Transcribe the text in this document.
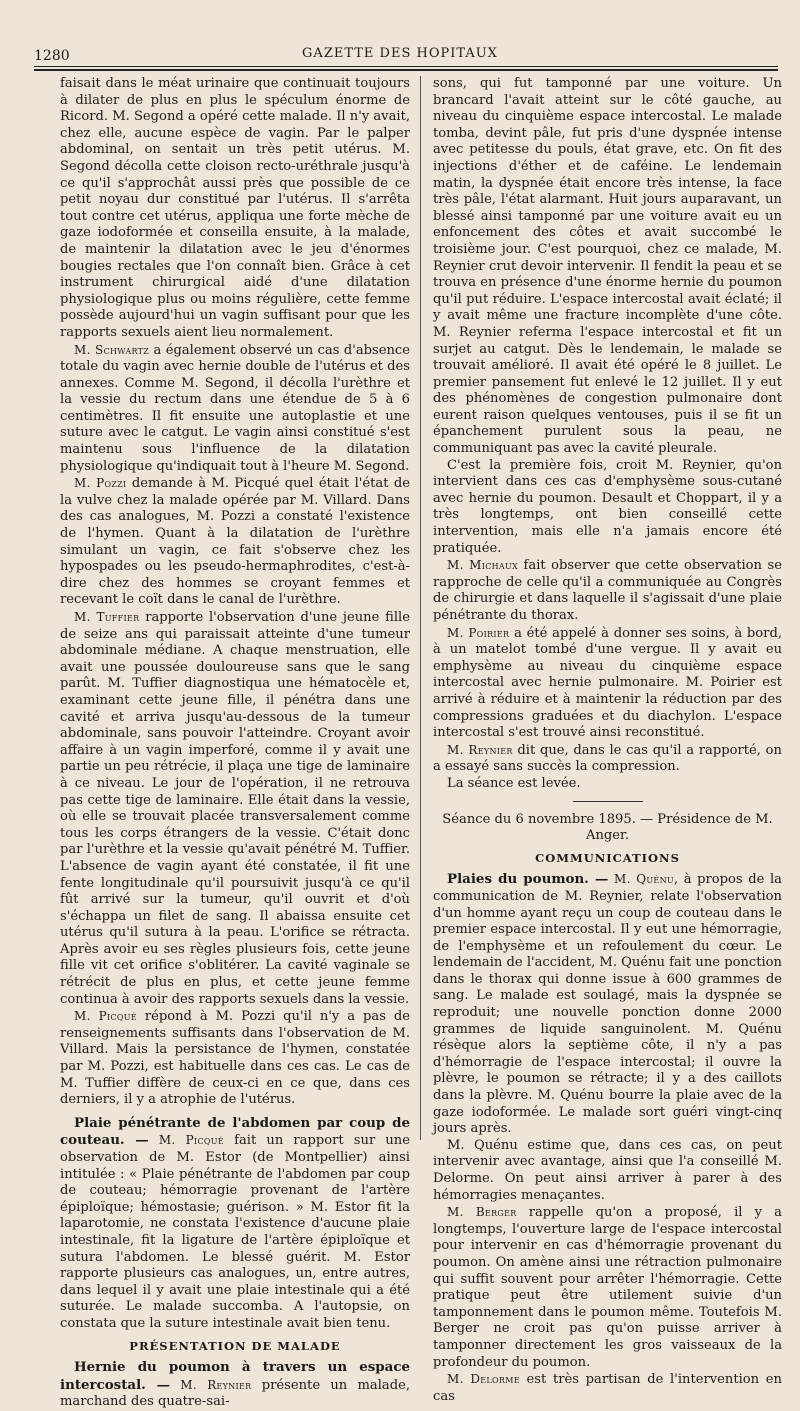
1280	GAZETTE DES HOPITAUX

faisait dans le méat urinaire que continuait toujours à dilater de plus en plus le spéculum énorme de Ricord. M. Segond a opéré cette malade. Il n'y avait, chez elle, aucune espèce de vagin. Par le palper abdominal, on sentait un très petit utérus. M. Segond décolla cette cloison recto-uréthrale jusqu'à ce qu'il s'approchât aussi près que possible de ce petit noyau dur constitué par l'utérus. Il s'arrêta tout contre cet utérus, appliqua une forte mèche de gaze iodoformée et conseilla ensuite, à la malade, de maintenir la dilatation avec le jeu d'énormes bougies rectales que l'on connaît bien. Grâce à cet instrument chirurgical aidé d'une dilatation physiologique plus ou moins régulière, cette femme possède aujourd'hui un vagin suffisant pour que les rapports sexuels aient lieu normalement.

M. Schwartz a également observé un cas d'absence totale du vagin avec hernie double de l'utérus et des annexes. Comme M. Segond, il décolla l'urèthre et la vessie du rectum dans une étendue de 5 à 6 centimètres. Il fit ensuite une autoplastie et une suture avec le catgut. Le vagin ainsi constitué s'est maintenu sous l'influence de la dilatation physiologique qu'indiquait tout à l'heure M. Segond.

M. Pozzi demande à M. Picqué quel était l'état de la vulve chez la malade opérée par M. Villard. Dans des cas analogues, M. Pozzi a constaté l'existence de l'hymen. Quant à la dilatation de l'urèthre simulant un vagin, ce fait s'observe chez les hypospades ou les pseudo-hermaphrodites, c'est-à-dire chez des hommes se croyant femmes et recevant le coït dans le canal de l'urèthre.

M. Tuffier rapporte l'observation d'une jeune fille de seize ans qui paraissait atteinte d'une tumeur abdominale médiane. A chaque menstruation, elle avait une poussée douloureuse sans que le sang parût. M. Tuffier diagnostiqua une hématocèle et, examinant cette jeune fille, il pénétra dans une cavité et arriva jusqu'au-dessous de la tumeur abdominale, sans pouvoir l'atteindre. Croyant avoir affaire à un vagin imperforé, comme il y avait une partie un peu rétrécie, il plaça une tige de laminaire à ce niveau. Le jour de l'opération, il ne retrouva pas cette tige de laminaire. Elle était dans la vessie, où elle se trouvait placée transversalement comme tous les corps étrangers de la vessie. C'était donc par l'urèthre et la vessie qu'avait pénétré M. Tuffier. L'absence de vagin ayant été constatée, il fit une fente longitudinale qu'il poursuivit jusqu'à ce qu'il fût arrivé sur la tumeur, qu'il ouvrit et d'où s'échappa un filet de sang. Il abaissa ensuite cet utérus qu'il sutura à la peau. L'orifice se rétracta. Après avoir eu ses règles plusieurs fois, cette jeune fille vit cet orifice s'oblitérer. La cavité vaginale se rétrécit de plus en plus, et cette jeune femme continua à avoir des rapports sexuels dans la vessie.

M. Picqué répond à M. Pozzi qu'il n'y a pas de renseignements suffisants dans l'observation de M. Villard. Mais la persistance de l'hymen, constatée par M. Pozzi, est habituelle dans ces cas. Le cas de M. Tuffier diffère de ceux-ci en ce que, dans ces derniers, il y a atrophie de l'utérus.

Plaie pénétrante de l'abdomen par coup de couteau. — M. Picqué fait un rapport sur une observation de M. Estor (de Montpellier) ainsi intitulée : « Plaie pénétrante de l'abdomen par coup de couteau; hémorragie provenant de l'artère épiploïque; hémostasie; guérison. » M. Estor fit la laparotomie, ne constata l'existence d'aucune plaie intestinale, fit la ligature de l'artère épiploïque et sutura l'abdomen. Le blessé guérit. M. Estor rapporte plusieurs cas analogues, un, entre autres, dans lequel il y avait une plaie intestinale qui a été suturée. Le malade succomba. A l'autopsie, on constata que la suture intestinale avait bien tenu.

PRÉSENTATION DE MALADE

Hernie du poumon à travers un espace intercostal. — M. Reynier présente un malade, marchand des quatre-sai-

sons, qui fut tamponné par une voiture. Un brancard l'avait atteint sur le côté gauche, au niveau du cinquième espace intercostal. Le malade tomba, devint pâle, fut pris d'une dyspnée intense avec petitesse du pouls, état grave, etc. On fit des injections d'éther et de caféine. Le lendemain matin, la dyspnée était encore très intense, la face très pâle, l'état alarmant. Huit jours auparavant, un blessé ainsi tamponné par une voiture avait eu un enfoncement des côtes et avait succombé le troisième jour. C'est pourquoi, chez ce malade, M. Reynier crut devoir intervenir. Il fendit la peau et se trouva en présence d'une énorme hernie du poumon qu'il put réduire. L'espace intercostal avait éclaté; il y avait même une fracture incomplète d'une côte. M. Reynier referma l'espace intercostal et fit un surjet au catgut. Dès le lendemain, le malade se trouvait amélioré. Il avait été opéré le 8 juillet. Le premier pansement fut enlevé le 12 juillet. Il y eut des phénomènes de congestion pulmonaire dont eurent raison quelques ventouses, puis il se fit un épanchement purulent sous la peau, ne communiquant pas avec la cavité pleurale.

C'est la première fois, croit M. Reynier, qu'on intervient dans ces cas d'emphysème sous-cutané avec hernie du poumon. Desault et Choppart, il y a très longtemps, ont bien conseillé cette intervention, mais elle n'a jamais encore été pratiquée.

M. Michaux fait observer que cette observation se rapproche de celle qu'il a communiquée au Congrès de chirurgie et dans laquelle il s'agissait d'une plaie pénétrante du thorax.

M. Poirier a été appelé à donner ses soins, à bord, à un matelot tombé d'une vergue. Il y avait eu emphysème au niveau du cinquième espace intercostal avec hernie pulmonaire. M. Poirier est arrivé à réduire et à maintenir la réduction par des compressions graduées et du diachylon. L'espace intercostal s'est trouvé ainsi reconstitué.

M. Reynier dit que, dans le cas qu'il a rapporté, on a essayé sans succès la compression.

La séance est levée.

Séance du 6 novembre 1895. — Présidence de M. Anger.
COMMUNICATIONS

Plaies du poumon. — M. Quénu, à propos de la communication de M. Reynier, relate l'observation d'un homme ayant reçu un coup de couteau dans le premier espace intercostal. Il y eut une hémorragie, de l'emphysème et un refoulement du cœur. Le lendemain de l'accident, M. Quénu fait une ponction dans le thorax qui donne issue à 600 grammes de sang. Le malade est soulagé, mais la dyspnée se reproduit; une nouvelle ponction donne 2000 grammes de liquide sanguinolent. M. Quénu résèque alors la septième côte, il n'y a pas d'hémorragie de l'espace intercostal; il ouvre la plèvre, le poumon se rétracte; il y a des caillots dans la plèvre. M. Quénu bourre la plaie avec de la gaze iodoformée. Le malade sort guéri vingt-cinq jours après.

M. Quénu estime que, dans ces cas, on peut intervenir avec avantage, ainsi que l'a conseillé M. Delorme. On peut ainsi arriver à parer à des hémorragies menaçantes.

M. Berger rappelle qu'on a proposé, il y a longtemps, l'ouverture large de l'espace intercostal pour intervenir en cas d'hémorragie provenant du poumon. On amène ainsi une rétraction pulmonaire qui suffit souvent pour arrêter l'hémorragie. Cette pratique peut être utilement suivie d'un tamponnement dans le poumon même. Toutefois M. Berger ne croit pas qu'on puisse arriver à tamponner directement les gros vaisseaux de la profondeur du poumon.

M. Delorme est très partisan de l'intervention en cas
